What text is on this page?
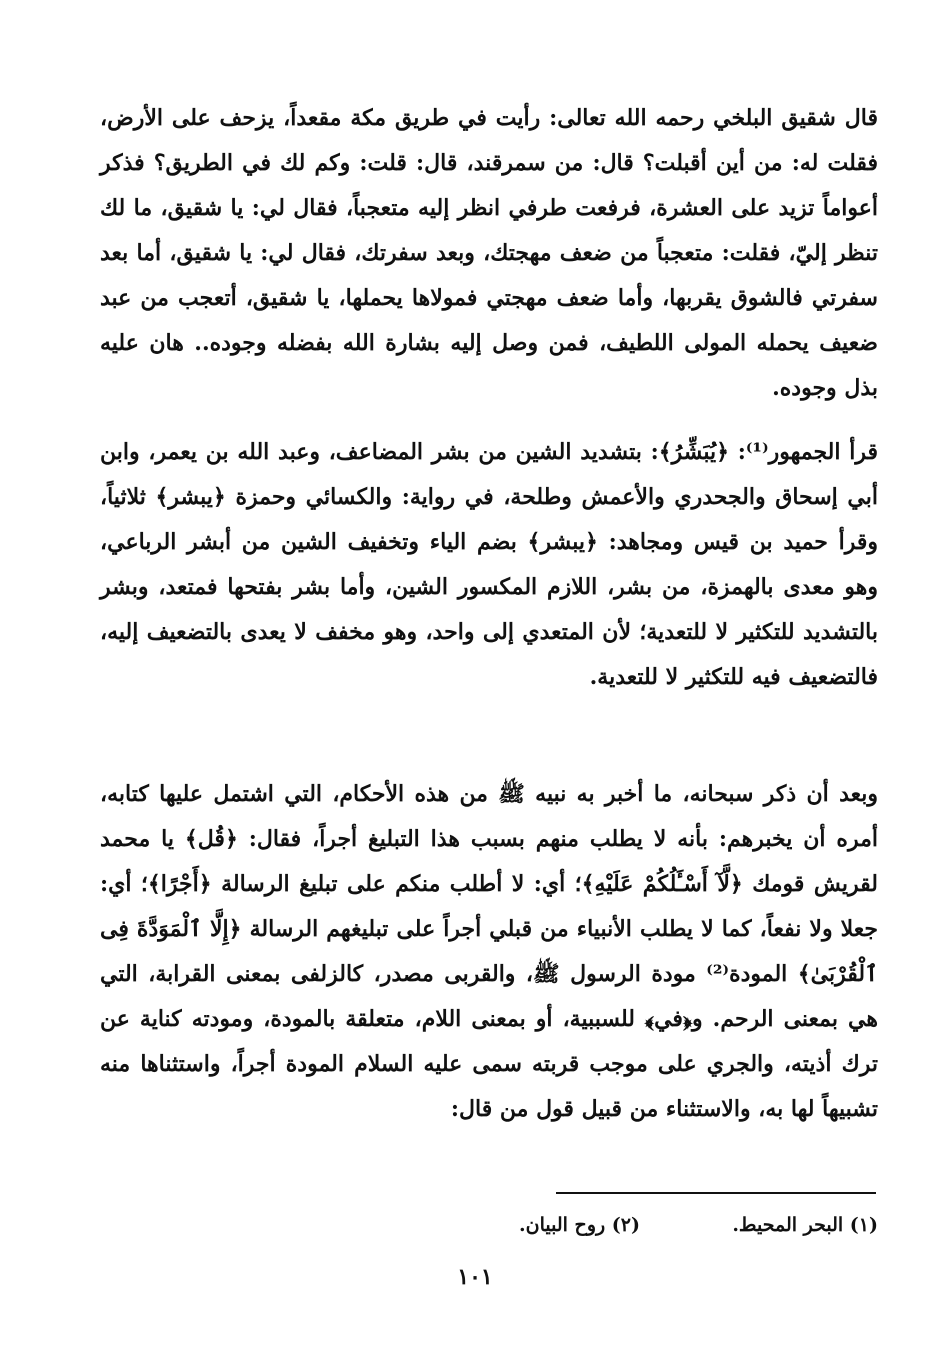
قال شقيق البلخي رحمه الله تعالى: رأيت في طريق مكة مقعداً، يزحف على الأرض، فقلت له: من أين أقبلت؟ قال: من سمرقند، قال: قلت: وكم لك في الطريق؟ فذكر أعواماً تزيد على العشرة، فرفعت طرفي انظر إليه متعجباً، فقال لي: يا شقيق، ما لك تنظر إليّ، فقلت: متعجباً من ضعف مهجتك، وبعد سفرتك، فقال لي: يا شقيق، أما بعد سفرتي فالشوق يقربها، وأما ضعف مهجتي فمولاها يحملها، يا شقيق، أتعجب من عبد ضعيف يحمله المولى اللطيف، فمن وصل إليه بشارة الله بفضله وجوده.. هان عليه بذل وجوده.
قرأ الجمهور⁽¹⁾: ﴿يُبَشِّرُ﴾: بتشديد الشين من بشر المضاعف، وعبد الله بن يعمر، وابن أبي إسحاق والجحدري والأعمش وطلحة، في رواية: والكسائي وحمزة ﴿يبشر﴾ ثلاثياً، وقرأ حميد بن قيس ومجاهد: ﴿يبشر﴾ بضم الياء وتخفيف الشين من أبشر الرباعي، وهو معدى بالهمزة، من بشر، اللازم المكسور الشين، وأما بشر بفتحها فمتعد، وبشر بالتشديد للتكثير لا للتعدية؛ لأن المتعدي إلى واحد، وهو مخفف لا يعدى بالتضعيف إليه، فالتضعيف فيه للتكثير لا للتعدية.
وبعد أن ذكر سبحانه، ما أخبر به نبيه ﷺ من هذه الأحكام، التي اشتمل عليها كتابه، أمره أن يخبرهم: بأنه لا يطلب منهم بسبب هذا التبليغ أجراً، فقال: ﴿قُل﴾ يا محمد لقريش قومك ﴿لَّآ أَسْـَٔلُكُمْ عَلَيْهِ﴾؛ أي: لا أطلب منكم على تبليغ الرسالة ﴿أَجْرًا﴾؛ أي: جعلا ولا نفعاً، كما لا يطلب الأنبياء من قبلي أجراً على تبليغهم الرسالة ﴿إِلَّا ٱلْمَوَدَّةَ فِى ٱلْقُرْبَىٰ﴾ المودة⁽²⁾ مودة الرسول ﷺ، والقربى مصدر، كالزلفى بمعنى القرابة، التي هي بمعنى الرحم. و﴿في﴾ للسببية، أو بمعنى اللام، متعلقة بالمودة، ومودته كناية عن ترك أذيته، والجري على موجب قربته سمى عليه السلام المودة أجراً، واستثناها منه تشبيهاً لها به، والاستثناء من قبيل قول من قال:
(١) البحر المحيط.
(٢) روح البيان.
١٠١
